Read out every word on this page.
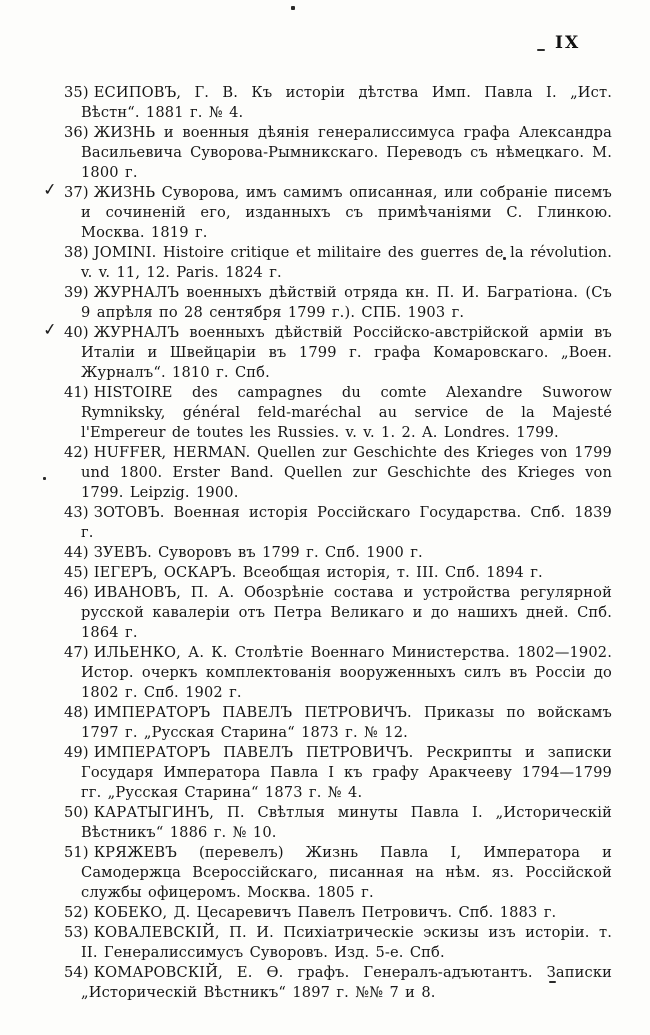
IX
35) ЕСИПОВЪ, Г. В. Къ исторіи дѣтства Имп. Павла I. „Ист. Вѣстн“. 1881 г. № 4.
36) ЖИЗНЬ и военныя дѣянія генералиссимуса графа Александра Васильевича Суворова-Рымникскаго. Переводъ съ нѣмецкаго. М. 1800 г.
✓ 37) ЖИЗНЬ Суворова, имъ самимъ описанная, или собраніе писемъ и сочиненій его, изданныхъ съ примѣчаніями С. Глинкою. Москва. 1819 г.
38) JOMINI. Histoire critique et militaire des guerres de la révolution. v. v. 11, 12. Paris. 1824 г.
39) ЖУРНАЛЪ военныхъ дѣйствій отряда кн. П. И. Багратіона. (Съ 9 апрѣля по 28 сентября 1799 г.). СПБ. 1903 г.
✓ 40) ЖУРНАЛЪ военныхъ дѣйствій Россійско-австрійской арміи въ Италіи и Швейцаріи въ 1799 г. графа Комаровскаго. „Воен. Журналъ“. 1810 г. Спб.
41) HISTOIRE des campagnes du comte Alexandre Suworow Rymniksky, général feld-maréchal au service de la Majesté l'Empereur de toutes les Russies. v. v. 1. 2. A. Londres. 1799.
42) HUFFER, HERMAN. Quellen zur Geschichte des Krieges von 1799 und 1800. Erster Band. Quellen zur Geschichte des Krieges von 1799. Leipzig. 1900.
43) ЗОТОВЪ. Военная исторія Россійскаго Государства. Спб. 1839 г.
44) ЗУЕВЪ. Суворовъ въ 1799 г. Спб. 1900 г.
45) ІЕГЕРЪ, ОСКАРЪ. Всеобщая исторія, т. III. Спб. 1894 г.
46) ИВАНОВЪ, П. А. Обозрѣніе состава и устройства регулярной русской кавалеріи отъ Петра Великаго и до нашихъ дней. Спб. 1864 г.
47) ИЛЬЕНКО, А. К. Столѣтіе Военнаго Министерства. 1802—1902. Истор. очеркъ комплектованія вооруженныхъ силъ въ Россіи до 1802 г. Спб. 1902 г.
48) ИМПЕРАТОРЪ ПАВЕЛЪ ПЕТРОВИЧЪ. Приказы по войскамъ 1797 г. „Русская Старина“ 1873 г. № 12.
49) ИМПЕРАТОРЪ ПАВЕЛЪ ПЕТРОВИЧЪ. Рескрипты и записки Государя Императора Павла I къ графу Аракчееву 1794—1799 гг. „Русская Старина“ 1873 г. № 4.
50) КАРАТЫГИНЪ, П. Свѣтлыя минуты Павла I. „Историческій Вѣстникъ“ 1886 г. № 10.
51) КРЯЖЕВЪ (перевелъ) Жизнь Павла I, Императора и Самодержца Всероссійскаго, писанная на нѣм. яз. Россійской службы офицеромъ. Москва. 1805 г.
52) КОБЕКО, Д. Цесаревичъ Павелъ Петровичъ. Спб. 1883 г.
53) КОВАЛЕВСКІЙ, П. И. Психіатрическіе эскизы изъ исторіи. т. II. Генералиссимусъ Суворовъ. Изд. 5-е. Спб.
54) КОМАРОВСКІЙ, Е. Ѳ. графъ. Генералъ-адъютантъ. Записки „Историческій Вѣстникъ“ 1897 г. №№ 7 и 8.
